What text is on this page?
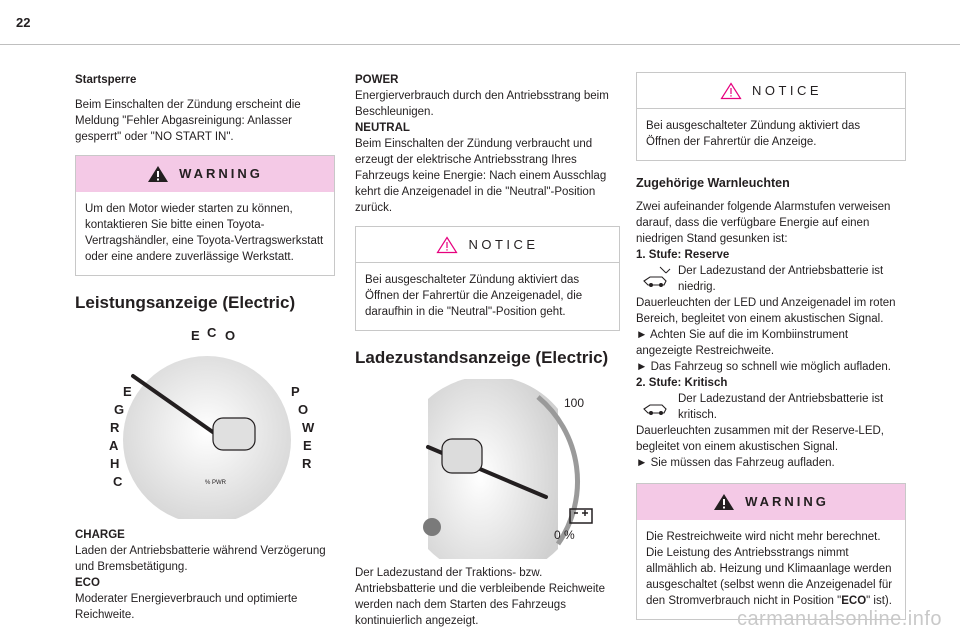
22

Startsperre

Beim Einschalten der Zündung erscheint die Meldung "Fehler Abgasreinigung: Anlasser gesperrt" oder "NO START IN".

WARNING
Um den Motor wieder starten zu können, kontaktieren Sie bitte einen Toyota-Vertragshändler, eine Toyota-Vertragswerkstatt oder eine andere zuverlässige Werkstatt.
Leistungsanzeige (Electric)
E C O
E
G
R
A
H
C
P
O
W
E
R
% PWR

CHARGE

Laden der Antriebsbatterie während Verzögerung und Bremsbetätigung.

ECO

Moderater Energieverbrauch und optimierte Reichweite.

POWER

Energierverbrauch durch den Antriebsstrang beim Beschleunigen.

NEUTRAL

Beim Einschalten der Zündung verbraucht und erzeugt der elektrische Antriebsstrang Ihres Fahrzeugs keine Energie: Nach einem Ausschlag kehrt die Anzeigenadel in die "Neutral"-Position zurück.

NOTICE
Bei ausgeschalteter Zündung aktiviert das Öffnen der Fahrertür die Anzeigenadel, die daraufhin in die "Neutral"-Position geht.
Ladezustandsanzeige (Electric)
100
0 %

Der Ladezustand der Traktions- bzw. Antriebsbatterie und die verbleibende Reichweite werden nach dem Starten des Fahrzeugs kontinuierlich angezeigt.

NOTICE
Bei ausgeschalteter Zündung aktiviert das Öffnen der Fahrertür die Anzeige.
Zugehörige Warnleuchten

Zwei aufeinander folgende Alarmstufen verweisen darauf, dass die verfügbare Energie auf einen niedrigen Stand gesunken ist:

1. Stufe: Reserve

Der Ladezustand der Antriebsbatterie ist niedrig.

Dauerleuchten der LED und Anzeigenadel im roten Bereich, begleitet von einem akustischen Signal.

► Achten Sie auf die im Kombiinstrument angezeigte Restreichweite.

► Das Fahrzeug so schnell wie möglich aufladen.

2. Stufe: Kritisch

Der Ladezustand der Antriebsbatterie ist kritisch.

Dauerleuchten zusammen mit der Reserve-LED, begleitet von einem akustischen Signal.

► Sie müssen das Fahrzeug aufladen.

WARNING
Die Restreichweite wird nicht mehr berechnet. Die Leistung des Antriebsstrangs nimmt allmählich ab. Heizung und Klimaanlage werden ausgeschaltet (selbst wenn die Anzeigenadel für den Stromverbrauch nicht in Position "ECO" ist).
carmanualsonline.info
